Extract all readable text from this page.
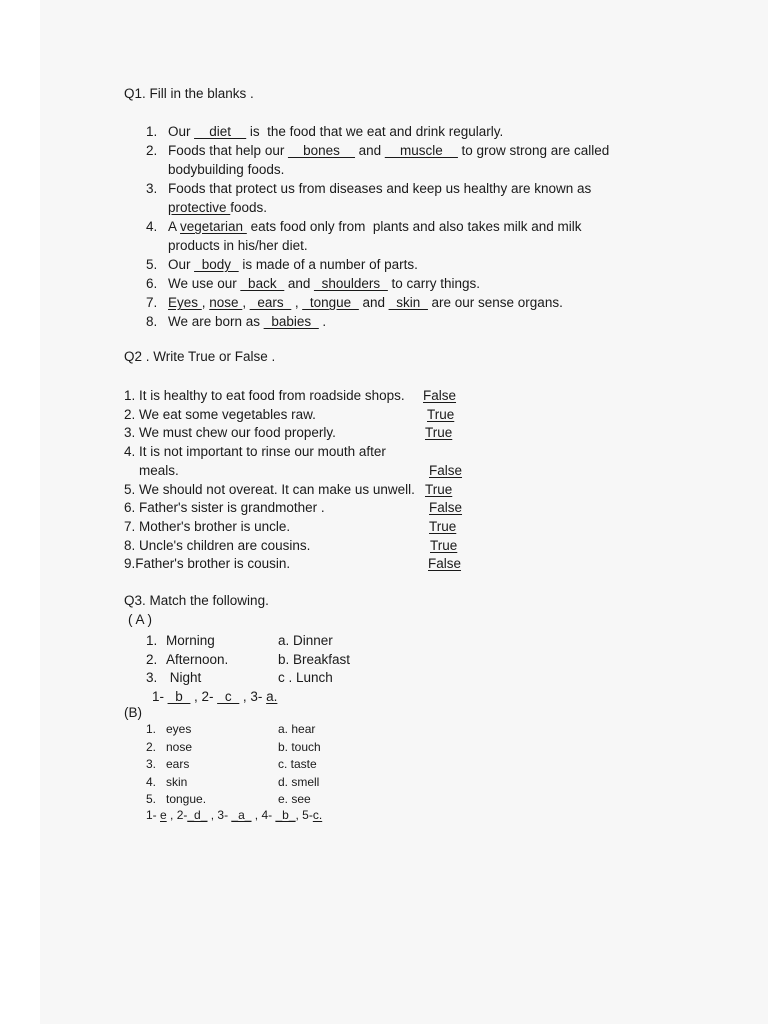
Q1. Fill in the blanks .
1. Our __diet__ is  the food that we eat and drink regularly.
2. Foods that help our __bones__ and __muscle__ to grow strong are called
bodybuilding foods.
3. Foods that protect us from diseases and keep us healthy are known as
protective foods.
4. A vegetarian  eats food only from  plants and also takes milk and milk
products in his/her diet.
5. Our _body_ is made of a number of parts.
6. We use our _back_ and _shoulders_ to carry things.
7. Eyes , nose , _ears_ , _tongue_ and _skin_ are our sense organs.
8. We are born as _babies_ .
Q2 . Write True or False .
1. It is healthy to eat food from roadside shops. False
2. We eat some vegetables raw.	True
3. We must chew our food properly.	True
4. It is not important to rinse our mouth after
meals.	False
5. We should not overeat. It can make us unwell. True
6. Father's sister is grandmother .	False
7. Mother's brother is uncle.	True
8. Uncle's children are cousins.	True
9.Father's brother is cousin.	False
Q3. Match the following.
( A )
1. Morning	a. Dinner
2. Afternoon.	b. Breakfast
3. Night	c . Lunch
1- _b_ , 2- _c_ , 3- a.
(B)
1. eyes	a. hear
2. nose	b. touch
3. ears	c. taste
4. skin	d. smell
5. tongue.	e. see
1- e , 2-_d_ , 3- _a_ , 4- _b_, 5-c.
